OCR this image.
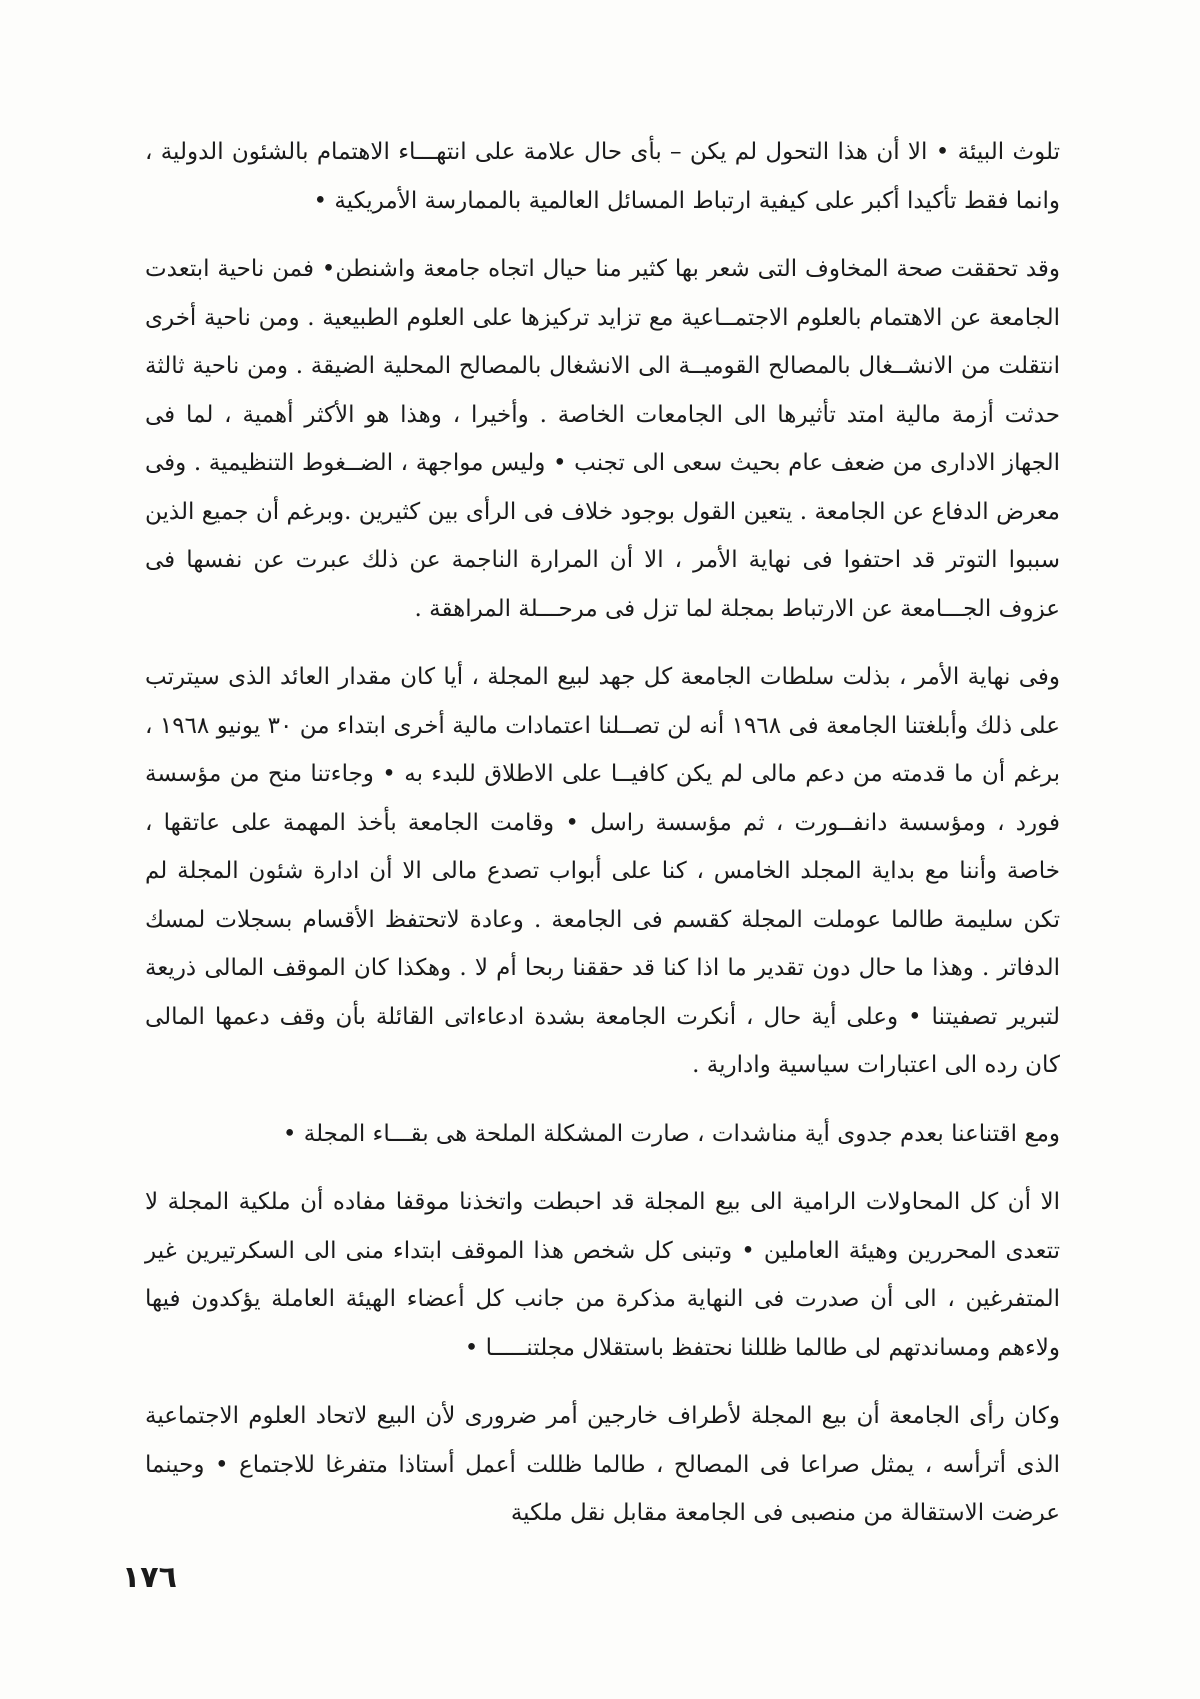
تلوث البيئة • الا أن هذا التحول لم يكن – بأى حال علامة على انتهـــاء الاهتمام بالشئون الدولية ، وانما فقط تأكيدا أكبر على كيفية ارتباط المسائل العالمية بالممارسة الأمريكية •

وقد تحققت صحة المخاوف التى شعر بها كثير منا حيال اتجاه جامعة واشنطن• فمن ناحية ابتعدت الجامعة عن الاهتمام بالعلوم الاجتمــاعية مع تزايد تركيزها على العلوم الطبيعية . ومن ناحية أخرى انتقلت من الانشــغال بالمصالح القوميــة الى الانشغال بالمصالح المحلية الضيقة . ومن ناحية ثالثة حدثت أزمة مالية امتد تأثيرها الى الجامعات الخاصة . وأخيرا ، وهذا هو الأكثر أهمية ، لما فى الجهاز الادارى من ضعف عام بحيث سعى الى تجنب • وليس مواجهة ، الضــغوط التنظيمية . وفى معرض الدفاع عن الجامعة . يتعين القول بوجود خلاف فى الرأى بين كثيرين .وبرغم أن جميع الذين سببوا التوتر قد احتفوا فى نهاية الأمر ، الا أن المرارة الناجمة عن ذلك عبرت عن نفسها فى عزوف الجـــامعة عن الارتباط بمجلة لما تزل فى مرحـــلة المراهقة .

وفى نهاية الأمر ، بذلت سلطات الجامعة كل جهد لبيع المجلة ، أيا كان مقدار العائد الذى سيترتب على ذلك وأبلغتنا الجامعة فى ١٩٦٨ أنه لن تصــلنا اعتمادات مالية أخرى ابتداء من ٣٠ يونيو ١٩٦٨ ، برغم أن ما قدمته من دعم مالى لم يكن كافيــا على الاطلاق للبدء به • وجاءتنا منح من مؤسسة فورد ، ومؤسسة دانفــورت ، ثم مؤسسة راسل • وقامت الجامعة بأخذ المهمة على عاتقها ، خاصة وأننا مع بداية المجلد الخامس ، كنا على أبواب تصدع مالى الا أن ادارة شئون المجلة لم تكن سليمة طالما عوملت المجلة كقسم فى الجامعة . وعادة لاتحتفظ الأقسام بسجلات لمسك الدفاتر . وهذا ما حال دون تقدير ما اذا كنا قد حققنا ربحا أم لا . وهكذا كان الموقف المالى ذريعة لتبرير تصفيتنا • وعلى أية حال ، أنكرت الجامعة بشدة ادعاءاتى القائلة بأن وقف دعمها المالى كان رده الى اعتبارات سياسية وادارية .

ومع اقتناعنا بعدم جدوى أية مناشدات ، صارت المشكلة الملحة هى بقـــاء المجلة •

الا أن كل المحاولات الرامية الى بيع المجلة قد احبطت واتخذنا موقفا مفاده أن ملكية المجلة لا تتعدى المحررين وهيئة العاملين • وتبنى كل شخص هذا الموقف ابتداء منى الى السكرتيرين غير المتفرغين ، الى أن صدرت فى النهاية مذكرة من جانب كل أعضاء الهيئة العاملة يؤكدون فيها ولاءهم ومساندتهم لى طالما ظللنا نحتفظ باستقلال مجلتنـــــا •

وكان رأى الجامعة أن بيع المجلة لأطراف خارجين أمر ضرورى لأن البيع لاتحاد العلوم الاجتماعية الذى أترأسه ، يمثل صراعا فى المصالح ، طالما ظللت أعمل أستاذا متفرغا للاجتماع • وحينما عرضت الاستقالة من منصبى فى الجامعة مقابل نقل ملكية

١٧٦
